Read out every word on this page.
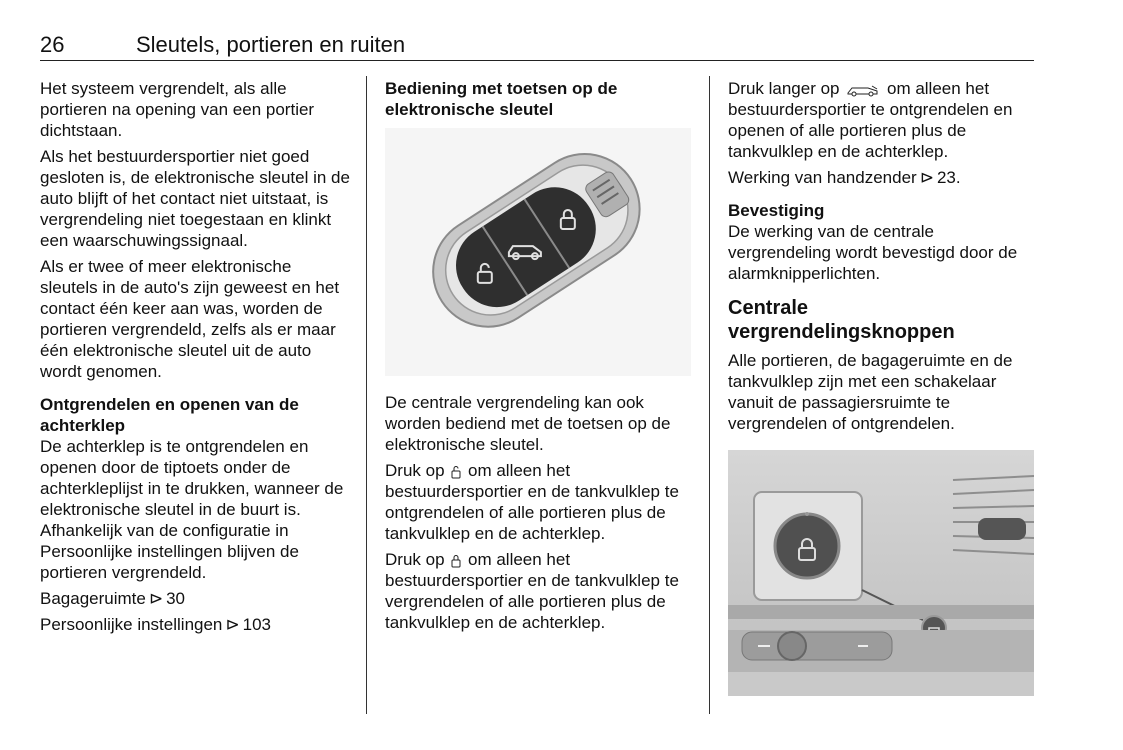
26	Sleutels, portieren en ruiten

Het systeem vergrendelt, als alle portieren na opening van een portier dichtstaan.

Als het bestuurdersportier niet goed gesloten is, de elektronische sleutel in de auto blijft of het contact niet uitstaat, is vergrendeling niet toegestaan en klinkt een waarschuwingssignaal.

Als er twee of meer elektronische sleutels in de auto's zijn geweest en het contact één keer aan was, worden de portieren vergrendeld, zelfs als er maar één elektronische sleutel uit de auto wordt genomen.

Ontgrendelen en openen van de achterklep

De achterklep is te ontgrendelen en openen door de tiptoets onder de achterkleplijst in te drukken, wanneer de elektronische sleutel in de buurt is. Afhankelijk van de configuratie in Persoonlijke instellingen blijven de portieren vergrendeld.

Bagageruimte ⊳ 30

Persoonlijke instellingen ⊳ 103

Bediening met toetsen op de elektronische sleutel

De centrale vergrendeling kan ook worden bediend met de toetsen op de elektronische sleutel.

Druk op om alleen het bestuurdersportier en de tankvulklep te ontgrendelen of alle portieren plus de tankvulklep en de achterklep.

Druk op om alleen het bestuurdersportier en de tankvulklep te vergrendelen of alle portieren plus de tankvulklep en de achterklep.

Druk langer op	om alleen het bestuurdersportier te ontgrendelen en openen of alle portieren plus de tankvulklep en de achterklep.

Werking van handzender ⊳ 23.

Bevestiging

De werking van de centrale vergrendeling wordt bevestigd door de alarmknipperlichten.

Centrale vergrendelingsknoppen

Alle portieren, de bagageruimte en de tankvulklep zijn met een schakelaar vanuit de passagiersruimte te vergrendelen of ontgrendelen.
